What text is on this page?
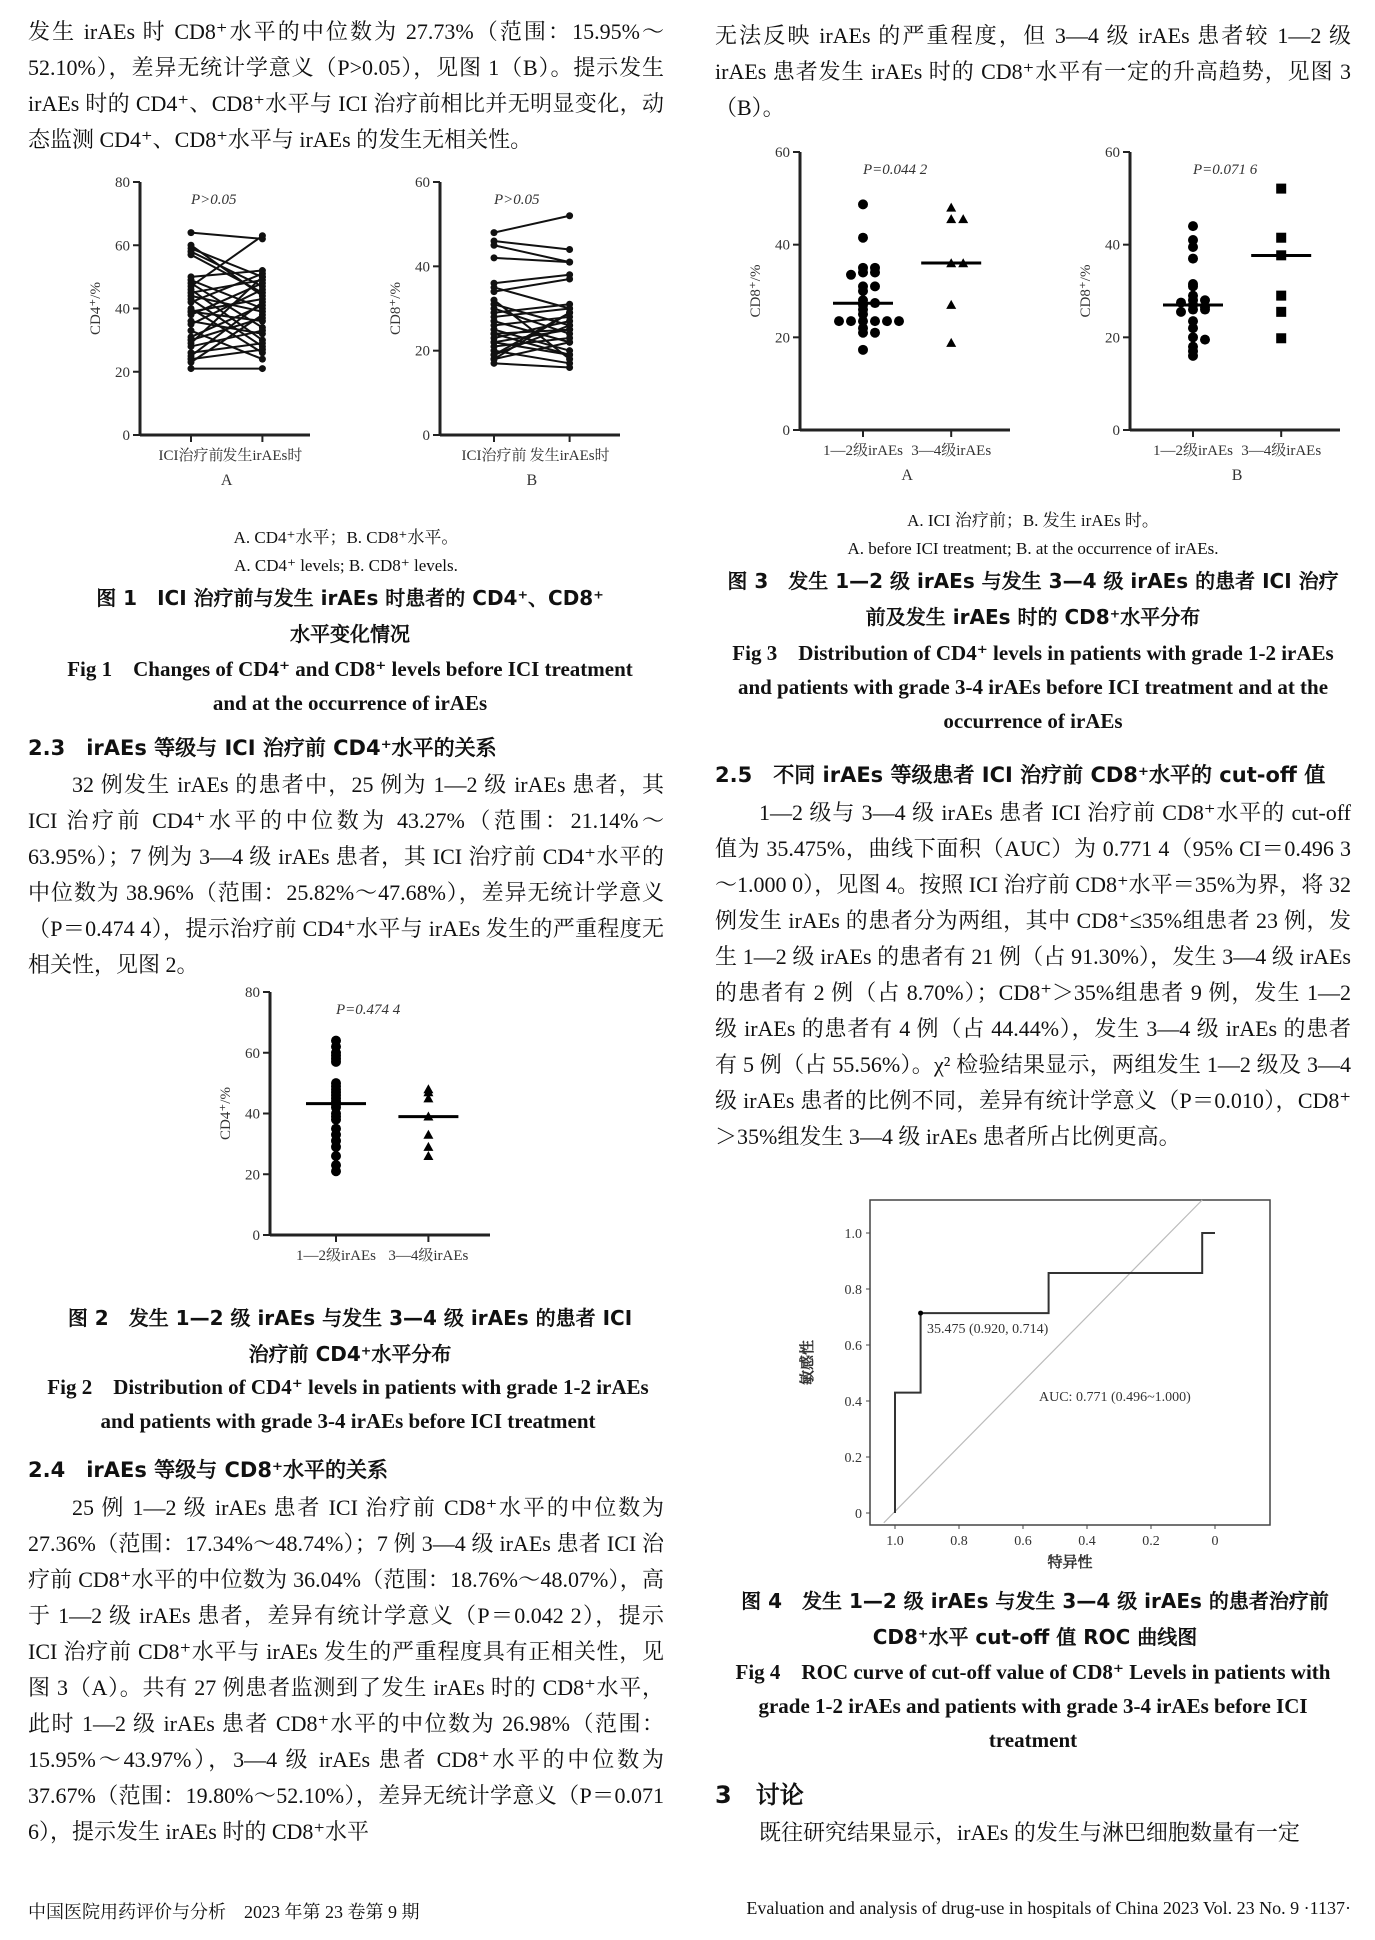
发生 irAEs 时 CD8⁺水平的中位数为 27.73%（范围：15.95%～52.10%），差异无统计学意义（P>0.05），见图 1（B）。提示发生 irAEs 时的 CD4⁺、CD8⁺水平与 ICI 治疗前相比并无明显变化，动态监测 CD4⁺、CD8⁺水平与 irAEs 的发生无相关性。

0
20
40
60
80
ICI治疗前
发生irAEs时
A
CD4⁺/%
P>0.05
0
20
40
60
ICI治疗前 发生irAEs时
B
CD8⁺/%
P>0.05
A. CD4⁺水平；B. CD8⁺水平。
A. CD4⁺ levels; B. CD8⁺ levels.
图 1　ICI 治疗前与发生 irAEs 时患者的 CD4⁺、CD8⁺水平变化情况
Fig 1　Changes of CD4⁺ and CD8⁺ levels before ICI treatment and at the occurrence of irAEs
2.3　irAEs 等级与 ICI 治疗前 CD4⁺水平的关系

32 例发生 irAEs 的患者中，25 例为 1—2 级 irAEs 患者，其 ICI 治疗前 CD4⁺水平的中位数为 43.27%（范围：21.14%～63.95%）；7 例为 3—4 级 irAEs 患者，其 ICI 治疗前 CD4⁺水平的中位数为 38.96%（范围：25.82%～47.68%），差异无统计学意义（P＝0.474 4），提示治疗前 CD4⁺水平与 irAEs 发生的严重程度无相关性，见图 2。

0
20
40
60
80
1—2级irAEs 3—4级irAEs
CD4⁺/%
P=0.474 4
图 2　发生 1—2 级 irAEs 与发生 3—4 级 irAEs 的患者 ICI 治疗前 CD4⁺水平分布
Fig 2　Distribution of CD4⁺ levels in patients with grade 1-2 irAEs and patients with grade 3-4 irAEs before ICI treatment
2.4　irAEs 等级与 CD8⁺水平的关系

25 例 1—2 级 irAEs 患者 ICI 治疗前 CD8⁺水平的中位数为 27.36%（范围：17.34%～48.74%）；7 例 3—4 级 irAEs 患者 ICI 治疗前 CD8⁺水平的中位数为 36.04%（范围：18.76%～48.07%），高于 1—2 级 irAEs 患者，差异有统计学意义（P＝0.042 2），提示 ICI 治疗前 CD8⁺水平与 irAEs 发生的严重程度具有正相关性，见图 3（A）。共有 27 例患者监测到了发生 irAEs 时的 CD8⁺水平，此时 1—2 级 irAEs 患者 CD8⁺水平的中位数为 26.98%（范围：15.95%～43.97%），3—4 级 irAEs 患者 CD8⁺水平的中位数为 37.67%（范围：19.80%～52.10%），差异无统计学意义（P＝0.071 6），提示发生 irAEs 时的 CD8⁺水平

无法反映 irAEs 的严重程度，但 3—4 级 irAEs 患者较 1—2 级 irAEs 患者发生 irAEs 时的 CD8⁺水平有一定的升高趋势，见图 3（B）。

0
20
40
60
1—2级irAEs 3—4级irAEs
A
CD8⁺/%
P=0.044 2
0
20
40
60
1—2级irAEs 3—4级irAEs
B
CD8⁺/%
P=0.071 6
A. ICI 治疗前；B. 发生 irAEs 时。
A. before ICI treatment; B. at the occurrence of irAEs.
图 3　发生 1—2 级 irAEs 与发生 3—4 级 irAEs 的患者 ICI 治疗前及发生 irAEs 时的 CD8⁺水平分布
Fig 3　Distribution of CD4⁺ levels in patients with grade 1-2 irAEs and patients with grade 3-4 irAEs before ICI treatment and at the occurrence of irAEs
2.5　不同 irAEs 等级患者 ICI 治疗前 CD8⁺水平的 cut-off 值

1—2 级与 3—4 级 irAEs 患者 ICI 治疗前 CD8⁺水平的 cut-off 值为 35.475%，曲线下面积（AUC）为 0.771 4（95% CI＝0.496 3～1.000 0），见图 4。按照 ICI 治疗前 CD8⁺水平＝35%为界，将 32 例发生 irAEs 的患者分为两组，其中 CD8⁺≤35%组患者 23 例，发生 1—2 级 irAEs 的患者有 21 例（占 91.30%），发生 3—4 级 irAEs 的患者有 2 例（占 8.70%）；CD8⁺＞35%组患者 9 例，发生 1—2 级 irAEs 的患者有 4 例（占 44.44%），发生 3—4 级 irAEs 的患者有 5 例（占 55.56%）。χ² 检验结果显示，两组发生 1—2 级及 3—4 级 irAEs 患者的比例不同，差异有统计学意义（P＝0.010），CD8⁺＞35%组发生 3—4 级 irAEs 患者所占比例更高。

0
0.2
0.4
0.6
0.8
1.0
1.0	0.8	0.6	0.4	0.2	0
35.475 (0.920, 0.714)
AUC: 0.771 (0.496~1.000)
特异性
敏感性
图 4　发生 1—2 级 irAEs 与发生 3—4 级 irAEs 的患者治疗前 CD8⁺水平 cut-off 值 ROC 曲线图
Fig 4　ROC curve of cut-off value of CD8⁺ Levels in patients with grade 1-2 irAEs and patients with grade 3-4 irAEs before ICI treatment
3　讨论

既往研究结果显示，irAEs 的发生与淋巴细胞数量有一定

中国医院用药评价与分析　2023 年第 23 卷第 9 期	Evaluation and analysis of drug-use in hospitals of China 2023 Vol. 23 No. 9 ·1137·
